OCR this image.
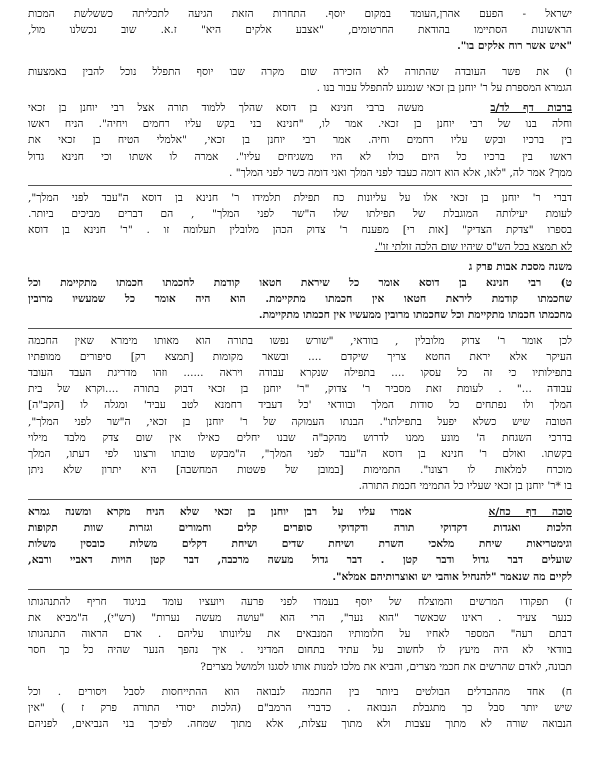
ישראל - הפעם אהרן,העומד במקום יוסף. התחרות הזאת הגיעה לתכליתה כששלשת המכות
הראשונות הסתיימו בהודאת החרטומים, "אצבע אלקים היא" ז.א. שוב נכשלנו מול,
"איש אשר רוח אלקים בו".
ו) את פשר העובדה שהתורה לא הזכירה שום מקרה שבו יוסף התפלל נוכל להבין באמצעות
הגמרא המספרת על ר' יוחנן בן זכאי שנמנע להתפלל עבור בנו .
ברכות דף לד/ב     מעשה ברבי חנינא בן דוסא שהלך ללמוד תורה אצל רבי יוחנן בן זכאי
וחלה בנו של רבי יוחנן בן זכאי. אמר לו, "חנינא בני בקש עליו רחמים ויחיה". הניח ראשו
בין ברכיו ובקש עליו רחמים וחיה. אמר רבי יוחנן בן זכאי, "אלמלי הטיח בן זכאי את
ראשו בין ברכיו כל היום כולו לא היו משגיחים עליו". אמרה לו אשתו וכי חנינא גדול
ממך? אמר לה, "לאו, אלא הוא דומה כעבד לפני המלך ואני דומה כשר לפני המלך" .
דברי ר' יוחנן בן זכאי אלו על עליונות כח תפילת תלמידו ר' חנינא בן דוסא ה"עבד לפני המלך",
לעומת יעילותה המוגבלת של תפילתו שלו ה"שר לפני המלך" , הם דברים מביכים ביותר.
בספרו "צדקת הצדיק" [אות רי] מפענח ר' צדוק הכהן מלובלין תעלומה זו . "ר' חנינא בן דוסא
לא תמצא בכל הש"ס שיהיו שום הלכה זולתי זו".
משנה מסכת אבות פרק ג
ט) רבי חנינא בן דוסא אומר כל שיראת חטאו קודמת לחכמתו חכמתו מתקיימת וכל
שחכמתו קודמת ליראת חטאו אין חכמתו מתקיימת. הוא היה אומר כל שמעשיו מרובין
מחכמתו חכמתו מתקיימת וכל שחכמתו מרובין ממעשיו אין חכמתו מתקיימת.
לכן אומר ר' צדוק מלובלין , בוודאי, "שורש נפשו בתורה הוא מאותו מימרא שאין החכמה
העיקר אלא יראת החטא צריך שיקדם .... ובשאר מקומות [תמצא רק] סיפורים ממופתיו
בתפילותיו כי זה כל עסקו .... בתפילה שנקרא עבודה ויראה ...... וזהו מדריגת העבד העובד
עבודה ..." . לעומת זאת מסביר ר' צדוק, "ר' יוחנן בן זכאי דבוק בתורה ....וקרא של בית
המלך ולו נפתחים כל סודות המלך ובוודאי 'כל דעביד רחמנא לטב עביד' ומגלה לו [הקב"ה]
הטובה שיש כשלא יפעל בתפילתו". הבנתו העמוקה של ר' יוחנן בן זכאי, ה"שר לפני המלך",
בדרכי השגחת ה' מונע ממנו לדרוש מהקב"ה שבנו יחלים כאילו אין שום צדק מלבד מילוי
בקשתו. ואולם ר' חנינא בן דוסא ה"עבד לפני המלך", ה"מבקש טובתו ורצונו לפי דעתו, המלך
מוכרח למלאות לו רצונו". התמימות [במובן של פשטות המחשבה] היא יתרון שלא ניתן
בו *ר' יוחנן בן זכאי שעליו כל התמימי חכמת התורה.
סוכה דף כח/א     אמרו עליו על רבן יוחנן בן זכאי שלא הניח מקרא ומשנה גמרא
הלכות ואגדות דקדוקי תורה ודקדוקי סופרים קלים וחמורים וגזרות שוות תקופות
וגימטריאות שיחת מלאכי השרת ושיחת שדים ושיחת דקלים משלות כובסין משלות
שועלים דבר גדול ודבר קטן . דבר גדול מעשה מרכבה, דבר קטן הויות דאביי ורבא,
לקיים מה שנאמר "להנחיל אוהבי יש ואוצרותיהם אמלא".
ז) תפקודו המרשים והמוצלח של יוסף בעמדו לפני פרעה ויועציו עומד בניגוד חריף להתנהגותו
כנער צעיר . ראינו שכאשר "הוא נער", הרי הוא "עושה מעשה נערות" (רש"י), ה"מביא את
דבתם רעה" המספר לאחיו על חלומותיו המנבאים את עליונותו עליהם . אדם הראוה התנהגותו
בוודאי לא היה מיעץ לו לחשוב על עתיד בתחום המדיני . איך נהפך הנער שהיה כל כך חסר
תבונה, לאדם שהרשים את חכמי מצרים, והביא את מלכו למנות אותו לסגנו ולמושל מצרים?
ח) אחד מההבדלים הבולטים ביותר בין החכמה לנבואה הוא ההתייחסות לסבל ויסורים . וכל
שיש יותר סבל כך מתגבלת הנבואה . כדברי הרמב"ם (הלכות יסודי התורה פרק ז ) "אין
הנבואה שורה לא מתוך עצבות ולא מתוך עצלות, אלא מתוך שמחה. לפיכך בני הנביאים, לפניהם
